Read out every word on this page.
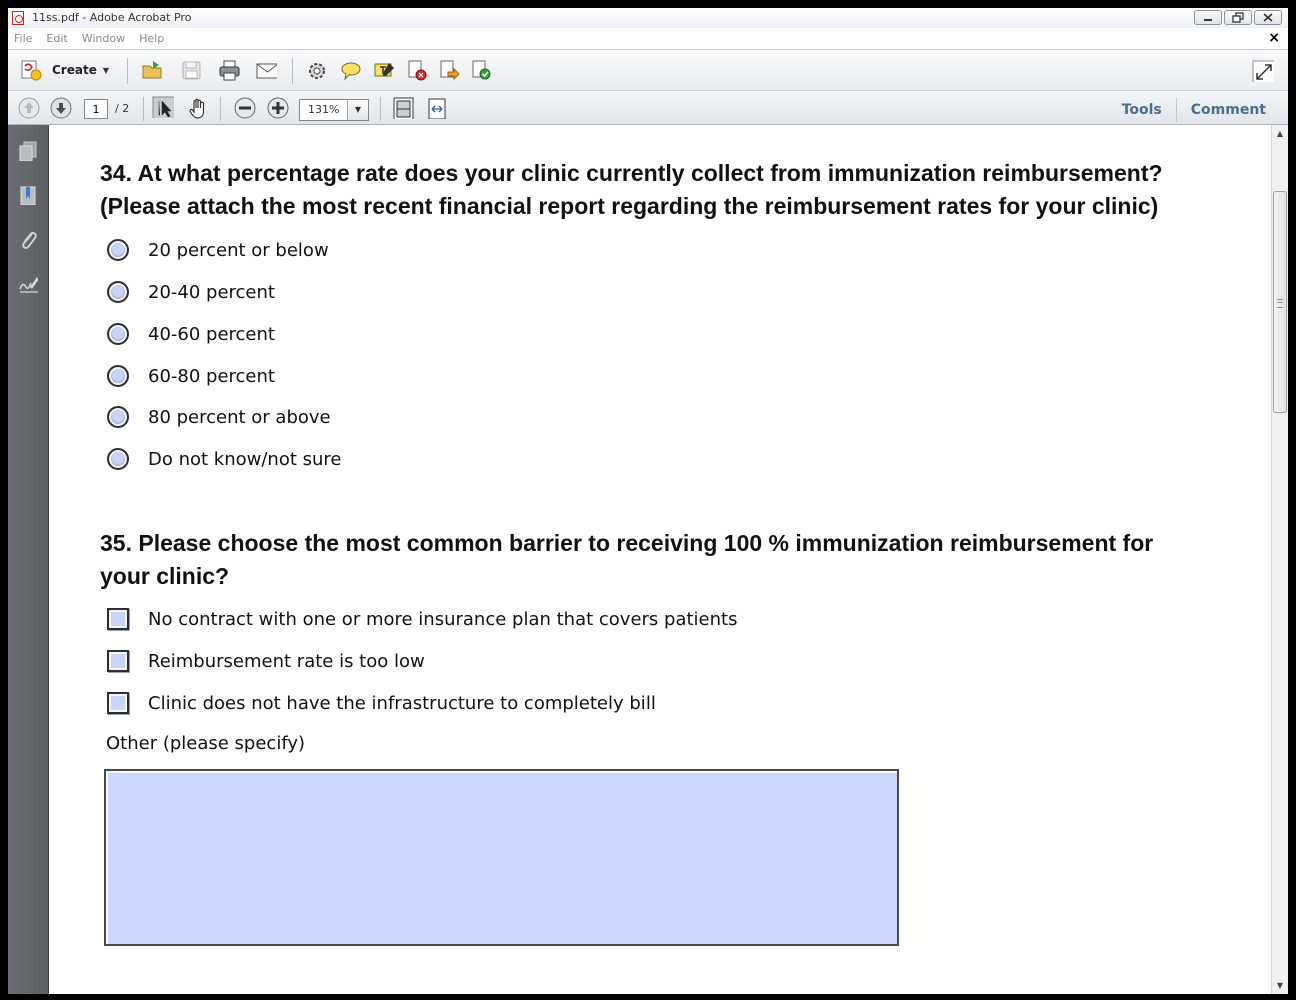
11ss.pdf - Adobe Acrobat Pro
File Edit Window Help	×
Create ▼
1	/ 2	131%	▼	Tools	Comment
34. At what percentage rate does your clinic currently collect from immunization reimbursement?
(Please attach the most recent financial report regarding the reimbursement rates for your clinic)
20 percent or below
20-40 percent
40-60 percent
60-80 percent
80 percent or above
Do not know/not sure
35. Please choose the most common barrier to receiving 100 % immunization reimbursement for
your clinic?
No contract with one or more insurance plan that covers patients
Reimbursement rate is too low
Clinic does not have the infrastructure to completely bill
Other (please specify)
▲
▼
